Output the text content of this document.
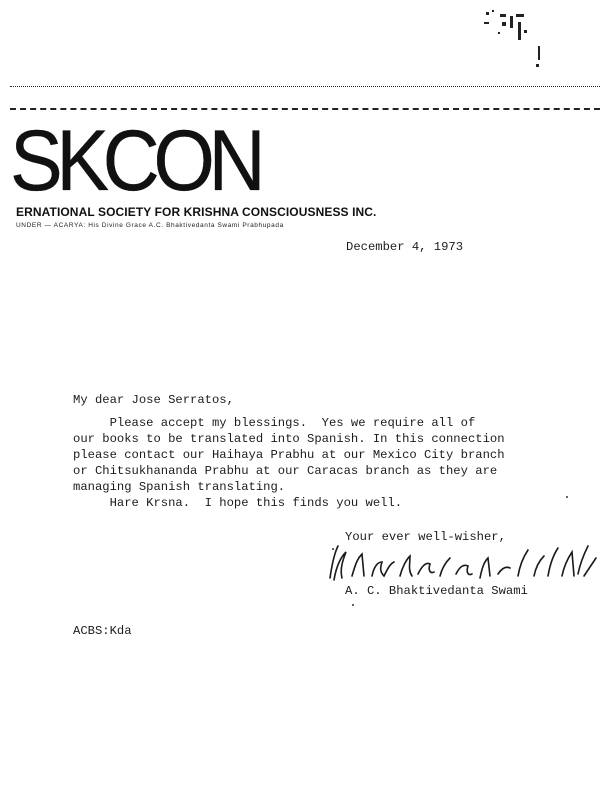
SKCON
ERNATIONAL SOCIETY FOR KRISHNA CONSCIOUSNESS INC.
UNDER — ACARYA: His Divine Grace A.C. Bhaktivedanta Swami Prabhupada
December 4, 1973
My dear Jose Serratos,
Please accept my blessings.  Yes we require all of
our books to be translated into Spanish. In this connection
please contact our Haihaya Prabhu at our Mexico City branch
or Chitsukhananda Prabhu at our Caracas branch as they are
managing Spanish translating.
Hare Krsna.  I hope this finds you well.
Your ever well-wisher,
A. C. Bhaktivedanta Swami
ACBS:Kda
